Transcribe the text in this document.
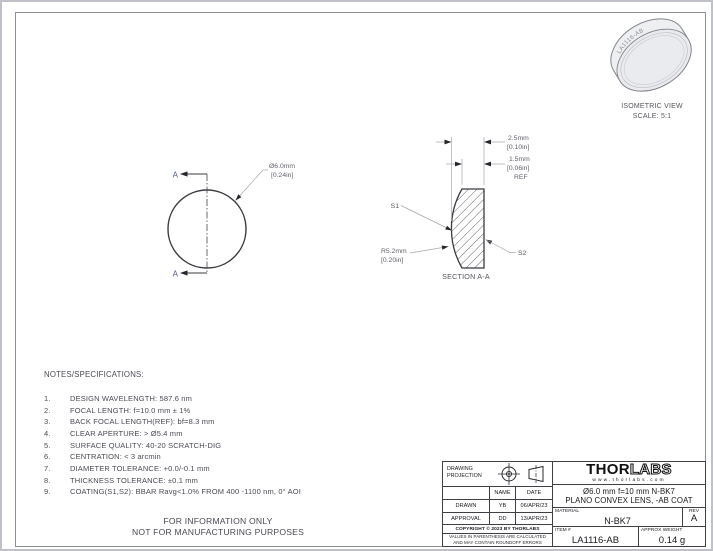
A
A
Ø6.0mm
[0.24in]
2.5mm
[0.10in]
1.5mm
[0.06in]
REF
S1
S2
R5.2mm
[0.20in]
SECTION A-A
LA1116-AB
ISOMETRIC VIEW
SCALE: 5:1
NOTES/SPECIFICATIONS:
1.	DESIGN WAVELENGTH: 587.6 nm
2.	FOCAL LENGTH: f=10.0 mm ± 1%
3.	BACK FOCAL LENGTH(REF): bf=8.3 mm
4.	CLEAR APERTURE: > Ø5.4 mm
5.	SURFACE QUALITY: 40-20 SCRATCH-DIG
6.	CENTRATION: < 3 arcmin
7.	DIAMETER TOLERANCE: +0.0/-0.1 mm
8.	THICKNESS TOLERANCE: ±0.1 mm
9.	COATING(S1,S2): BBAR Ravg<1.0% FROM 400 -1100 nm, 0° AOI
FOR INFORMATION ONLY
NOT FOR MANUFACTURING PURPOSES
DRAWING PROJECTION
NAME	DATE
DRAWN	YB	06/APR/23
APPROVAL	DD	13/APR/23
COPYRIGHT © 2023 BY THORLABS
VALUES IN PARENTHESIS ARE CALCULATED
AND MAY CONTAIN ROUNDOFF ERRORS
THORLABS
www.thorlabs.com
Ø6.0 mm f=10 mm N-BK7
PLANO CONVEX LENS, -AB COAT
MATERIAL
N-BK7
REV
A
ITEM #
LA1116-AB
APPROX WEIGHT
0.14 g
